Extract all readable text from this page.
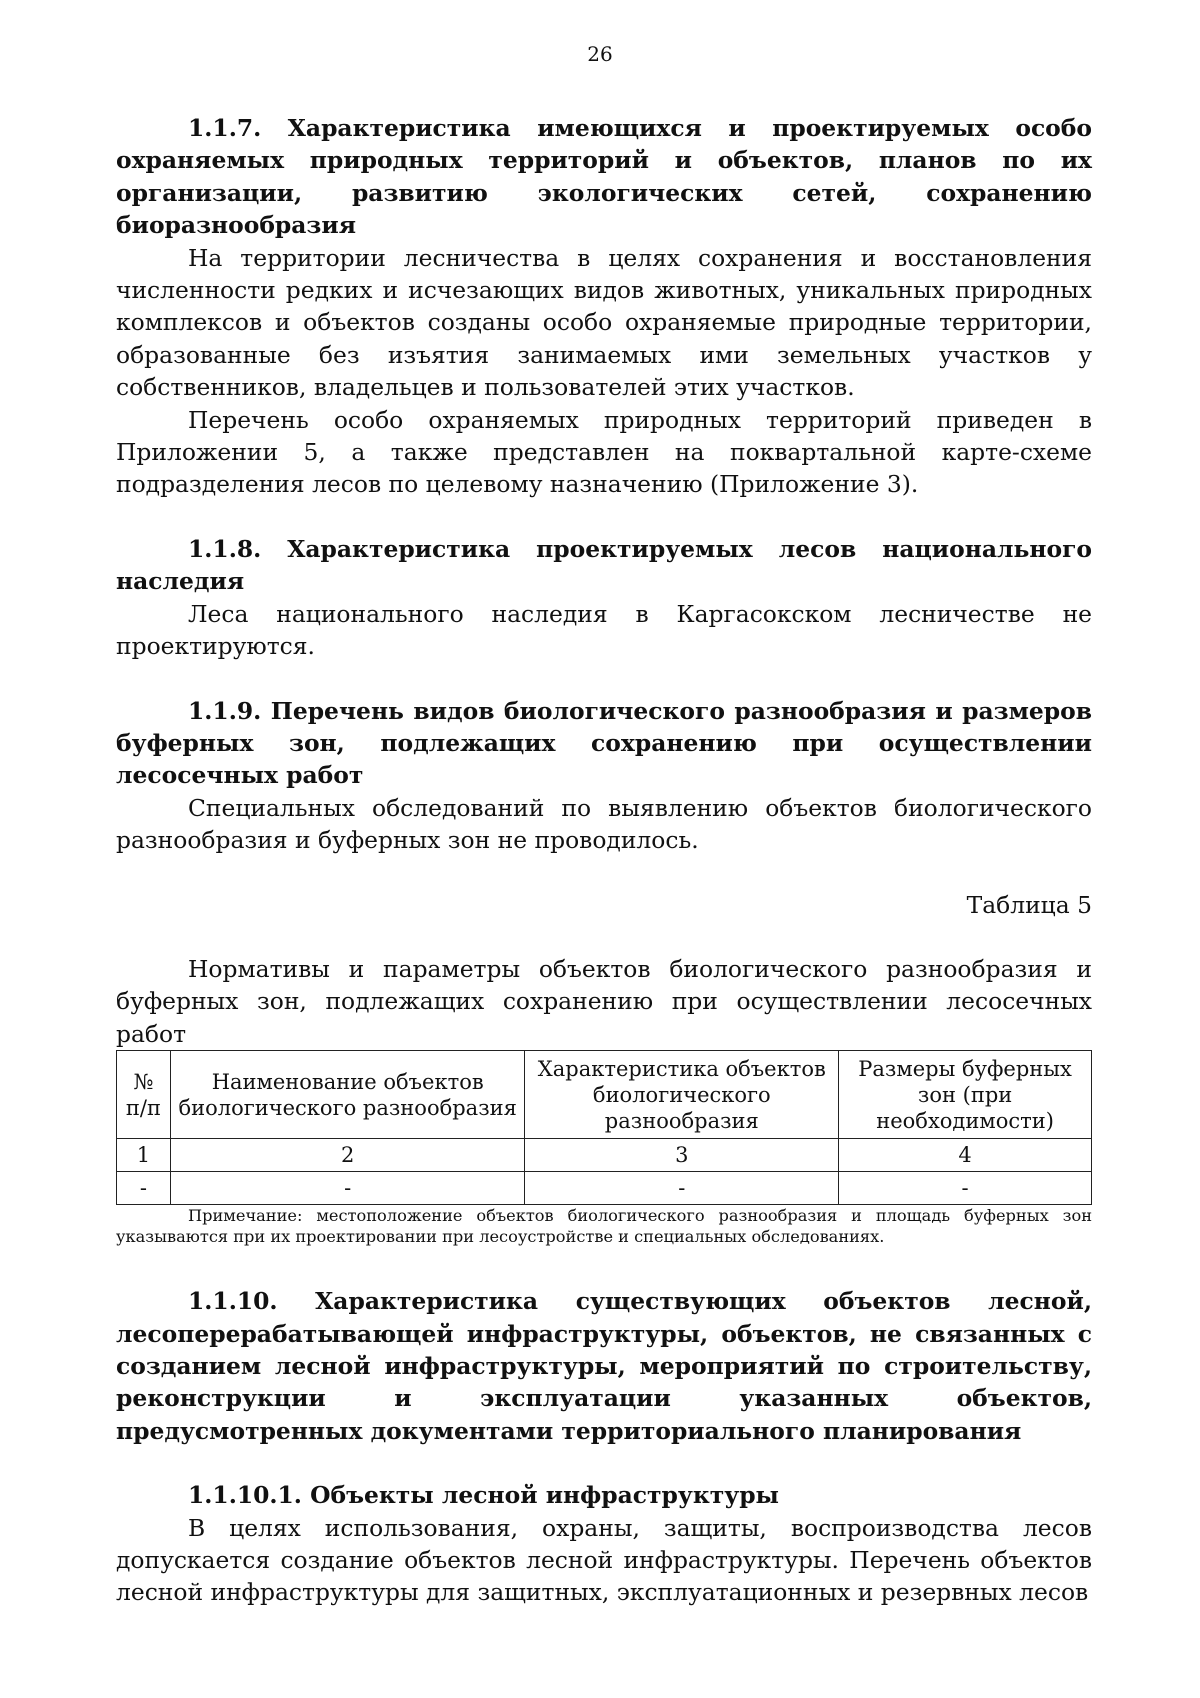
26
1.1.7. Характеристика имеющихся и проектируемых особо охраняемых природных территорий и объектов, планов по их организации, развитию экологических сетей, сохранению биоразнообразия
На территории лесничества в целях сохранения и восстановления численности редких и исчезающих видов животных, уникальных природных комплексов и объектов созданы особо охраняемые природные территории, образованные без изъятия занимаемых ими земельных участков у собственников, владельцев и пользователей этих участков.
Перечень особо охраняемых природных территорий приведен в Приложении 5, а также представлен на поквартальной карте-схеме подразделения лесов по целевому назначению (Приложение 3).
1.1.8. Характеристика проектируемых лесов национального наследия
Леса национального наследия в Каргасокском лесничестве не проектируются.
1.1.9. Перечень видов биологического разнообразия и размеров буферных зон, подлежащих сохранению при осуществлении лесосечных работ
Специальных обследований по выявлению объектов биологического разнообразия и буферных зон не проводилось.
Таблица 5
Нормативы и параметры объектов биологического разнообразия и буферных зон, подлежащих сохранению при осуществлении лесосечных работ
№ п/п	Наименование объектов биологического разнообразия	Характеристика объектов биологического разнообразия	Размеры буферных зон (при необходимости)
1	2	3	4
-	-	-	-
Примечание: местоположение объектов биологического разнообразия и площадь буферных зон указываются при их проектировании при лесоустройстве и специальных обследованиях.
1.1.10. Характеристика существующих объектов лесной, лесоперерабатывающей инфраструктуры, объектов, не связанных с созданием лесной инфраструктуры, мероприятий по строительству, реконструкции и эксплуатации указанных объектов, предусмотренных документами территориального планирования
1.1.10.1. Объекты лесной инфраструктуры
В целях использования, охраны, защиты, воспроизводства лесов допускается создание объектов лесной инфраструктуры. Перечень объектов лесной инфраструктуры для защитных, эксплуатационных и резервных лесов
